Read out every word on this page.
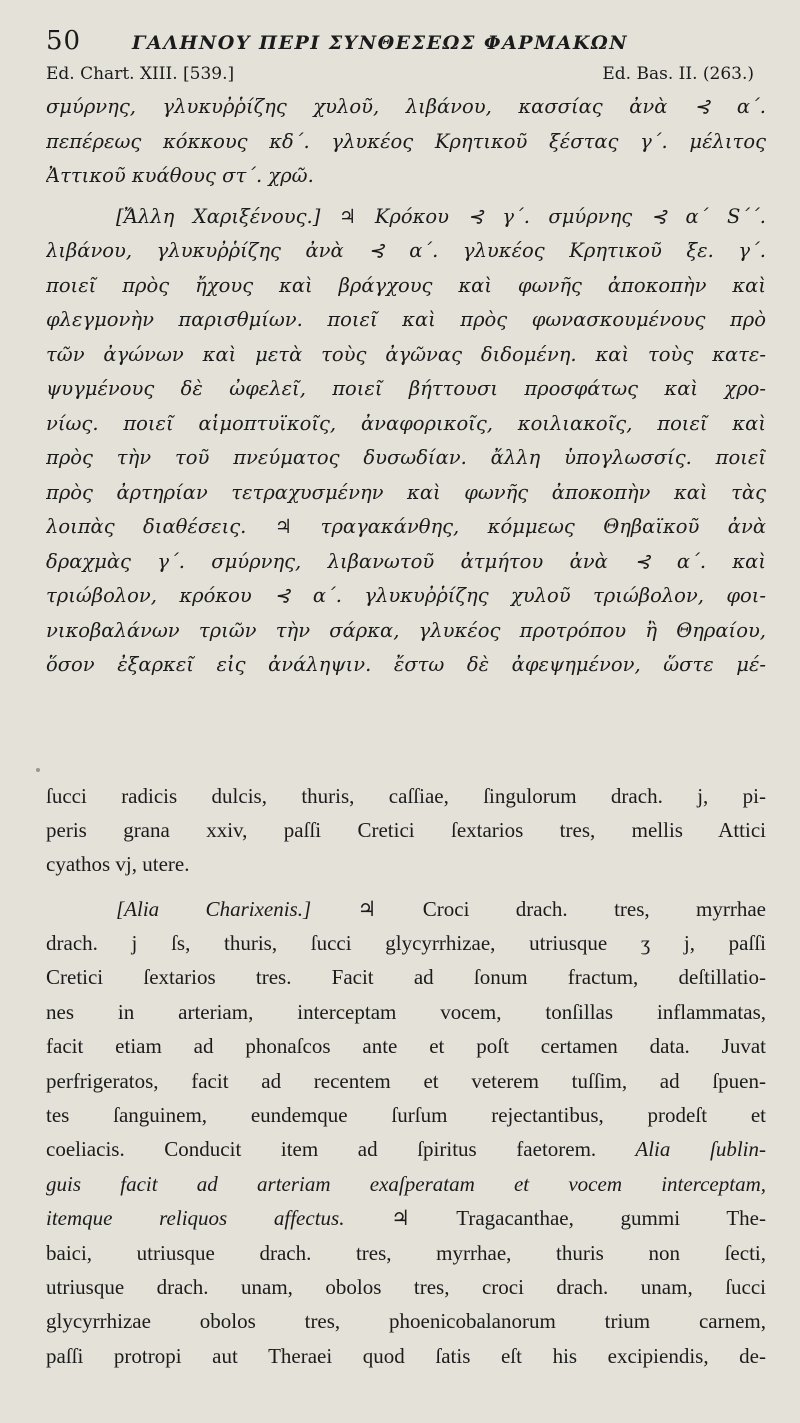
50	ΓΑΛΗΝΟΥ ΠΕΡΙ ΣΥΝΘΕΣΕΩΣ ΦΑΡΜΑΚΩΝ
Ed. Chart. XIII. [539.]	Ed. Bas. II. (263.)
σμύρνης, γλυκυῤῥίζης χυλοῦ, λιβάνου, κασσίας ἀνὰ ⊰ α΄.
πεπέρεως κόκκους κδ΄. γλυκέος Κρητικοῦ ξέστας γ΄. μέλιτος
Ἀττικοῦ κυάθους στ΄. χρῶ.
[Ἄλλη Χαριξένους.] ♃ Κρόκου ⊰ γ΄. σμύρνης ⊰ α΄ S΄΄.
λιβάνου, γλυκυῤῥίζης ἀνὰ ⊰ α΄. γλυκέος Κρητικοῦ ξε. γ΄.
ποιεῖ πρὸς ἤχους καὶ βράγχους καὶ φωνῆς ἀποκοπὴν καὶ
φλεγμονὴν παρισθμίων. ποιεῖ καὶ πρὸς φωνασκουμένους πρὸ
τῶν ἀγώνων καὶ μετὰ τοὺς ἀγῶνας διδομένη. καὶ τοὺς κατε-
ψυγμένους δὲ ὠφελεῖ, ποιεῖ βήττουσι προσφάτως καὶ χρο-
νίως. ποιεῖ αἱμοπτυϊκοῖς, ἀναφορικοῖς, κοιλιακοῖς, ποιεῖ καὶ
πρὸς τὴν τοῦ πνεύματος δυσωδίαν. ἄλλη ὑπογλωσσίς. ποιεῖ
πρὸς ἀρτηρίαν τετραχυσμένην καὶ φωνῆς ἀποκοπὴν καὶ τὰς
λοιπὰς διαθέσεις. ♃ τραγακάνθης, κόμμεως Θηβαϊκοῦ ἀνὰ
δραχμὰς γ΄. σμύρνης, λιβανωτοῦ ἀτμήτου ἀνὰ ⊰ α΄. καὶ
τριώβολον, κρόκου ⊰ α΄. γλυκυῤῥίζης χυλοῦ τριώβολον, φοι-
νικοβαλάνων τριῶν τὴν σάρκα, γλυκέος προτρόπου ἢ Θηραίου,
ὅσον ἐξαρκεῖ εἰς ἀνάληψιν. ἔστω δὲ ἀφεψημένον, ὥστε μέ-
ſucci radicis dulcis, thuris, caſſiae, ſingulorum drach. j, pi-
peris grana xxiv, paſſi Cretici ſextarios tres, mellis Attici
cyathos vj, utere.
[Alia Charixenis.] ♃ Croci drach. tres, myrrhae
drach. j ſs, thuris, ſucci glycyrrhizae, utriusque ʒ j, paſſi
Cretici ſextarios tres. Facit ad ſonum fractum, deſtillatio-
nes in arteriam, interceptam vocem, tonſillas inflammatas,
facit etiam ad phonaſcos ante et poſt certamen data. Juvat
perfrigeratos, facit ad recentem et veterem tuſſim, ad ſpuen-
tes ſanguinem, eundemque ſurſum rejectantibus, prodeſt et
coeliacis. Conducit item ad ſpiritus faetorem. Alia ſublin-
guis facit ad arteriam exaſperatam et vocem interceptam,
itemque reliquos affectus. ♃ Tragacanthae, gummi The-
baici, utriusque drach. tres, myrrhae, thuris non ſecti,
utriusque drach. unam, obolos tres, croci drach. unam, ſucci
glycyrrhizae obolos tres, phoenicobalanorum trium carnem,
paſſi protropi aut Theraei quod ſatis eſt his excipiendis, de-
